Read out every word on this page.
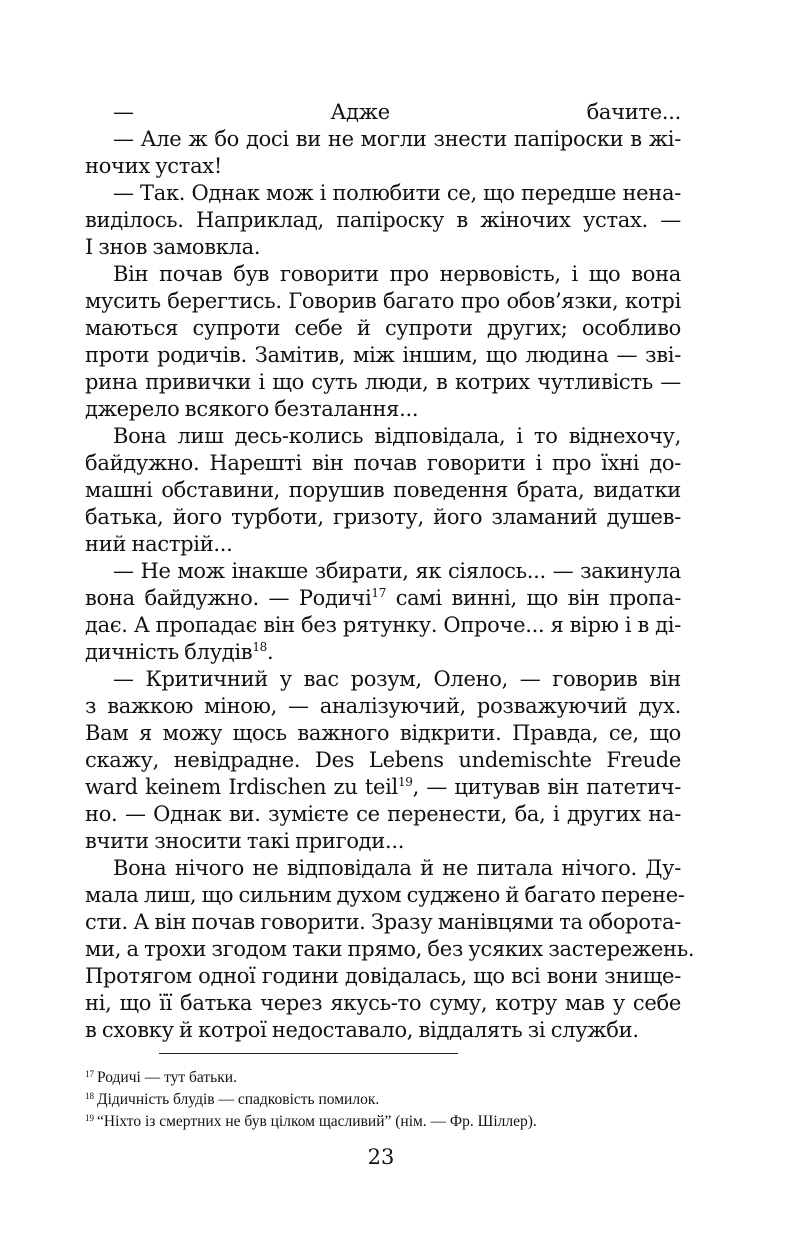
— Адже бачите...
— Але ж бо досі ви не могли знести папіроски в жі-
ночих устах!
— Так. Однак мож і полюбити се, що передше нена-
виділось. Наприклад, папіроску в жіночих устах. —
І знов замовкла.
Він почав був говорити про нервовість, і що вона
мусить берегтись. Говорив багато про обов’язки, котрі
маються супроти себе й супроти других; особливо
проти родичів. Замітив, між іншим, що людина — зві-
рина привички і що суть люди, в котрих чутливість —
джерело всякого безталання...
Вона лиш десь-колись відповідала, і то віднехочу,
байдужно. Нарешті він почав говорити і про їхні до-
машні обставини, порушив поведення брата, видатки
батька, його турботи, гризоту, його зламаний душев-
ний настрій...
— Не мож інакше збирати, як сіялось... — закинула
вона байдужно. — Родичі$^{17}$ самі винні, що він пропа-
дає. А пропадає він без рятунку. Опроче... я вірю і в ді-
дичність блудів$^{18}$.
— Критичний у вас розум, Олено, — говорив він
з важкою міною, — аналізуючий, розважуючий дух.
Вам я можу щось важного відкрити. Правда, се, що
скажу, невідрадне. Des Lebens undemischte Freude
ward keinem Irdischen zu teil$^{19}$, — цитував він патетич-
но. — Однак ви. зумієте се перенести, ба, і других на-
вчити зносити такі пригоди...
Вона нічого не відповідала й не питала нічого. Ду-
мала лиш, що сильним духом суджено й багато перене-
сти. А він почав говорити. Зразу манівцями та оборота-
ми, а трохи згодом таки прямо, без усяких застережень.
Протягом одної години довідалась, що всі вони знище-
ні, що її батька через якусь-то суму, котру мав у себе
в сховку й котрої недоставало, віддалять зі служби.
$^{17}$ Родичі — тут батьки.
$^{18}$ Дідичність блудів — спадковість помилок.
$^{19}$ “Ніхто із смертних не був цілком щасливий” (нім. — Фр. Шіллер).
23
